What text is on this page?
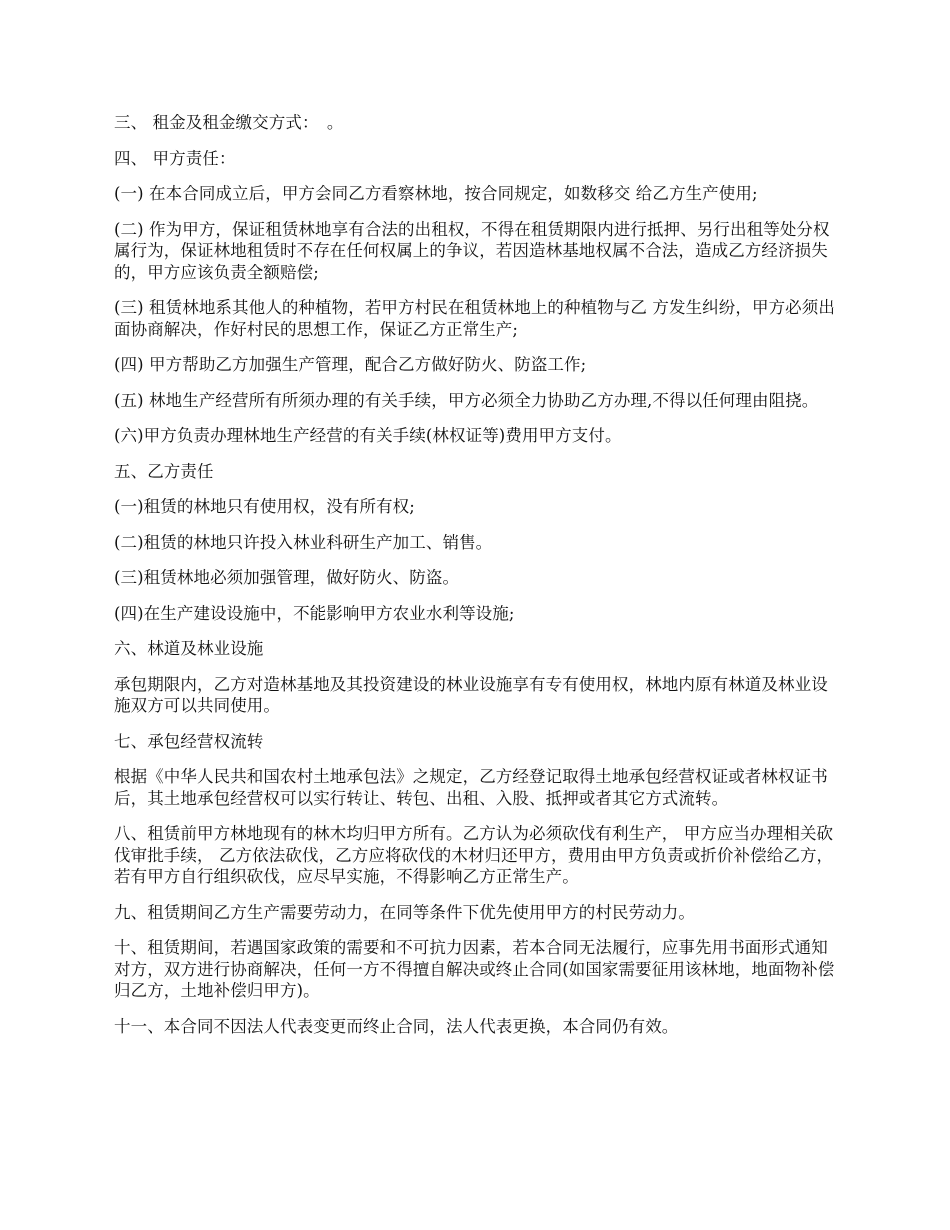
三、 租金及租金缴交方式：　。

四、 甲方责任：

(一) 在本合同成立后，甲方会同乙方看察林地，按合同规定，如数移交 给乙方生产使用;

(二) 作为甲方，保证租赁林地享有合法的出租权，不得在租赁期限内进行抵押、另行出租等处分权属行为，保证林地租赁时不存在任何权属上的争议，若因造林基地权属不合法，造成乙方经济损失的，甲方应该负责全额赔偿;

(三) 租赁林地系其他人的种植物，若甲方村民在租赁林地上的种植物与乙 方发生纠纷，甲方必须出面协商解决，作好村民的思想工作，保证乙方正常生产;

(四) 甲方帮助乙方加强生产管理，配合乙方做好防火、防盗工作;

(五) 林地生产经营所有所须办理的有关手续，甲方必须全力协助乙方办理,不得以任何理由阻挠。

(六)甲方负责办理林地生产经营的有关手续(林权证等)费用甲方支付。

五、乙方责任

(一)租赁的林地只有使用权，没有所有权;

(二)租赁的林地只许投入林业科研生产加工、销售。

(三)租赁林地必须加强管理，做好防火、防盗。

(四)在生产建设设施中，不能影响甲方农业水利等设施;

六、林道及林业设施

承包期限内，乙方对造林基地及其投资建设的林业设施享有专有使用权，林地内原有林道及林业设施双方可以共同使用。

七、承包经营权流转

根据《中华人民共和国农村土地承包法》之规定，乙方经登记取得土地承包经营权证或者林权证书后，其土地承包经营权可以实行转让、转包、出租、入股、抵押或者其它方式流转。

八、租赁前甲方林地现有的林木均归甲方所有。乙方认为必须砍伐有利生产， 甲方应当办理相关砍伐审批手续， 乙方依法砍伐，乙方应将砍伐的木材归还甲方，费用由甲方负责或折价补偿给乙方，若有甲方自行组织砍伐，应尽早实施，不得影响乙方正常生产。

九、租赁期间乙方生产需要劳动力，在同等条件下优先使用甲方的村民劳动力。

十、租赁期间，若遇国家政策的需要和不可抗力因素，若本合同无法履行，应事先用书面形式通知对方，双方进行协商解决，任何一方不得擅自解决或终止合同(如国家需要征用该林地，地面物补偿归乙方，土地补偿归甲方)。

十一、本合同不因法人代表变更而终止合同，法人代表更换，本合同仍有效。
